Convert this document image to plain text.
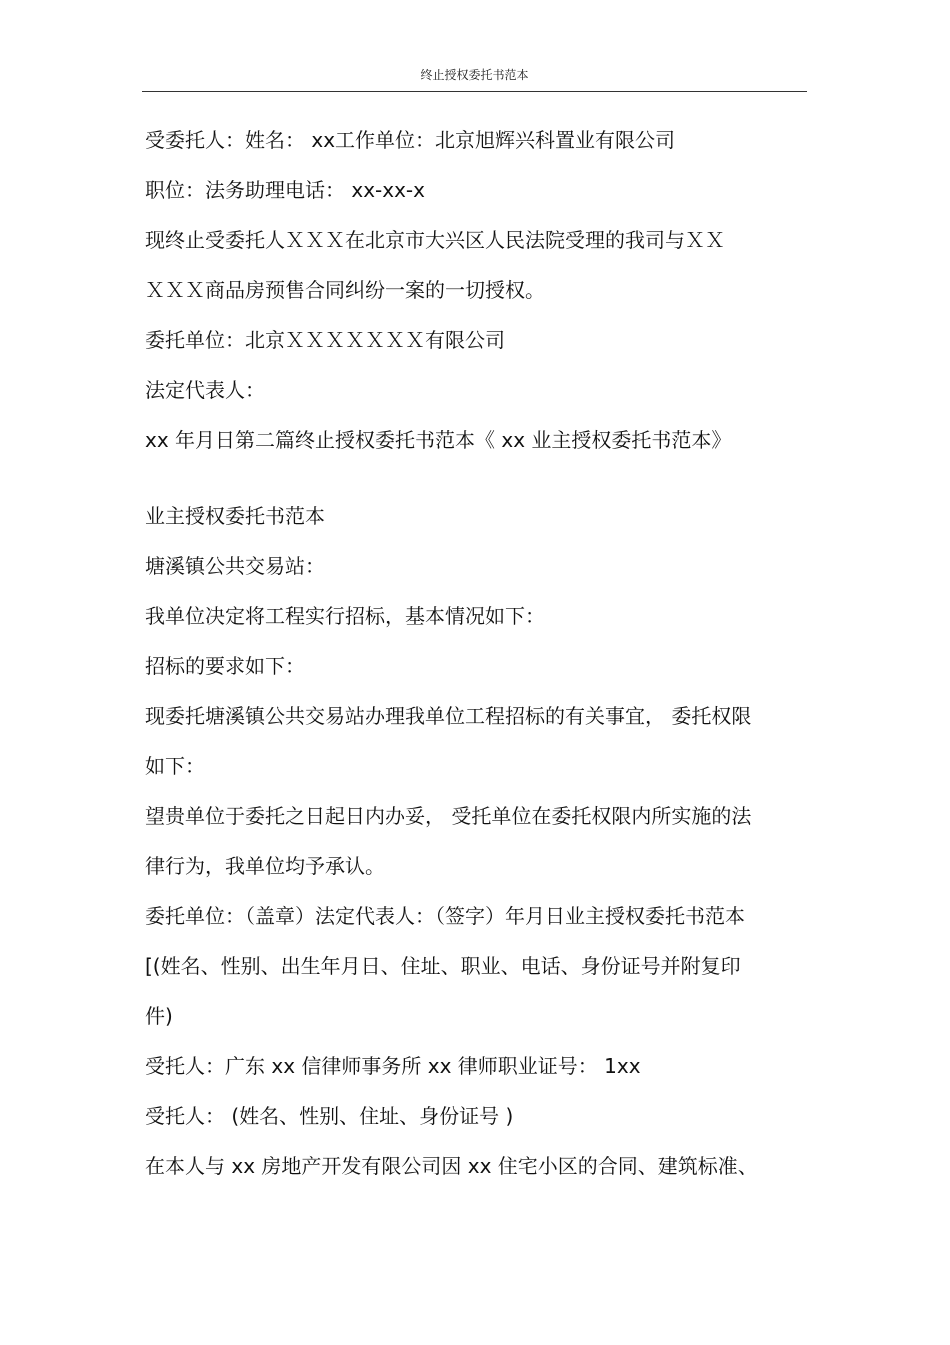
终止授权委托书范本

受委托人：姓名： xx工作单位：北京旭辉兴科置业有限公司

职位：法务助理电话： xx-xx-x

现终止受委托人ＸＸＸ在北京市大兴区人民法院受理的我司与ＸＸ

ＸＸＸ商品房预售合同纠纷一案的一切授权。

委托单位：北京ＸＸＸＸＸＸＸ有限公司

法定代表人：

xx 年月日第二篇终止授权委托书范本《 xx 业主授权委托书范本》

业主授权委托书范本

塘溪镇公共交易站：

我单位决定将工程实行招标，基本情况如下：

招标的要求如下：

现委托塘溪镇公共交易站办理我单位工程招标的有关事宜， 委托权限

如下：

望贵单位于委托之日起日内办妥， 受托单位在委托权限内所实施的法

律行为，我单位均予承认。

委托单位：（盖章）法定代表人：（签字）年月日业主授权委托书范本

[(姓名、性别、出生年月日、住址、职业、电话、身份证号并附复印

件)

受托人：广东 xx 信律师事务所 xx 律师职业证号： 1xx

受托人： (姓名、性别、住址、身份证号 )

在本人与 xx 房地产开发有限公司因 xx 住宅小区的合同、建筑标准、
